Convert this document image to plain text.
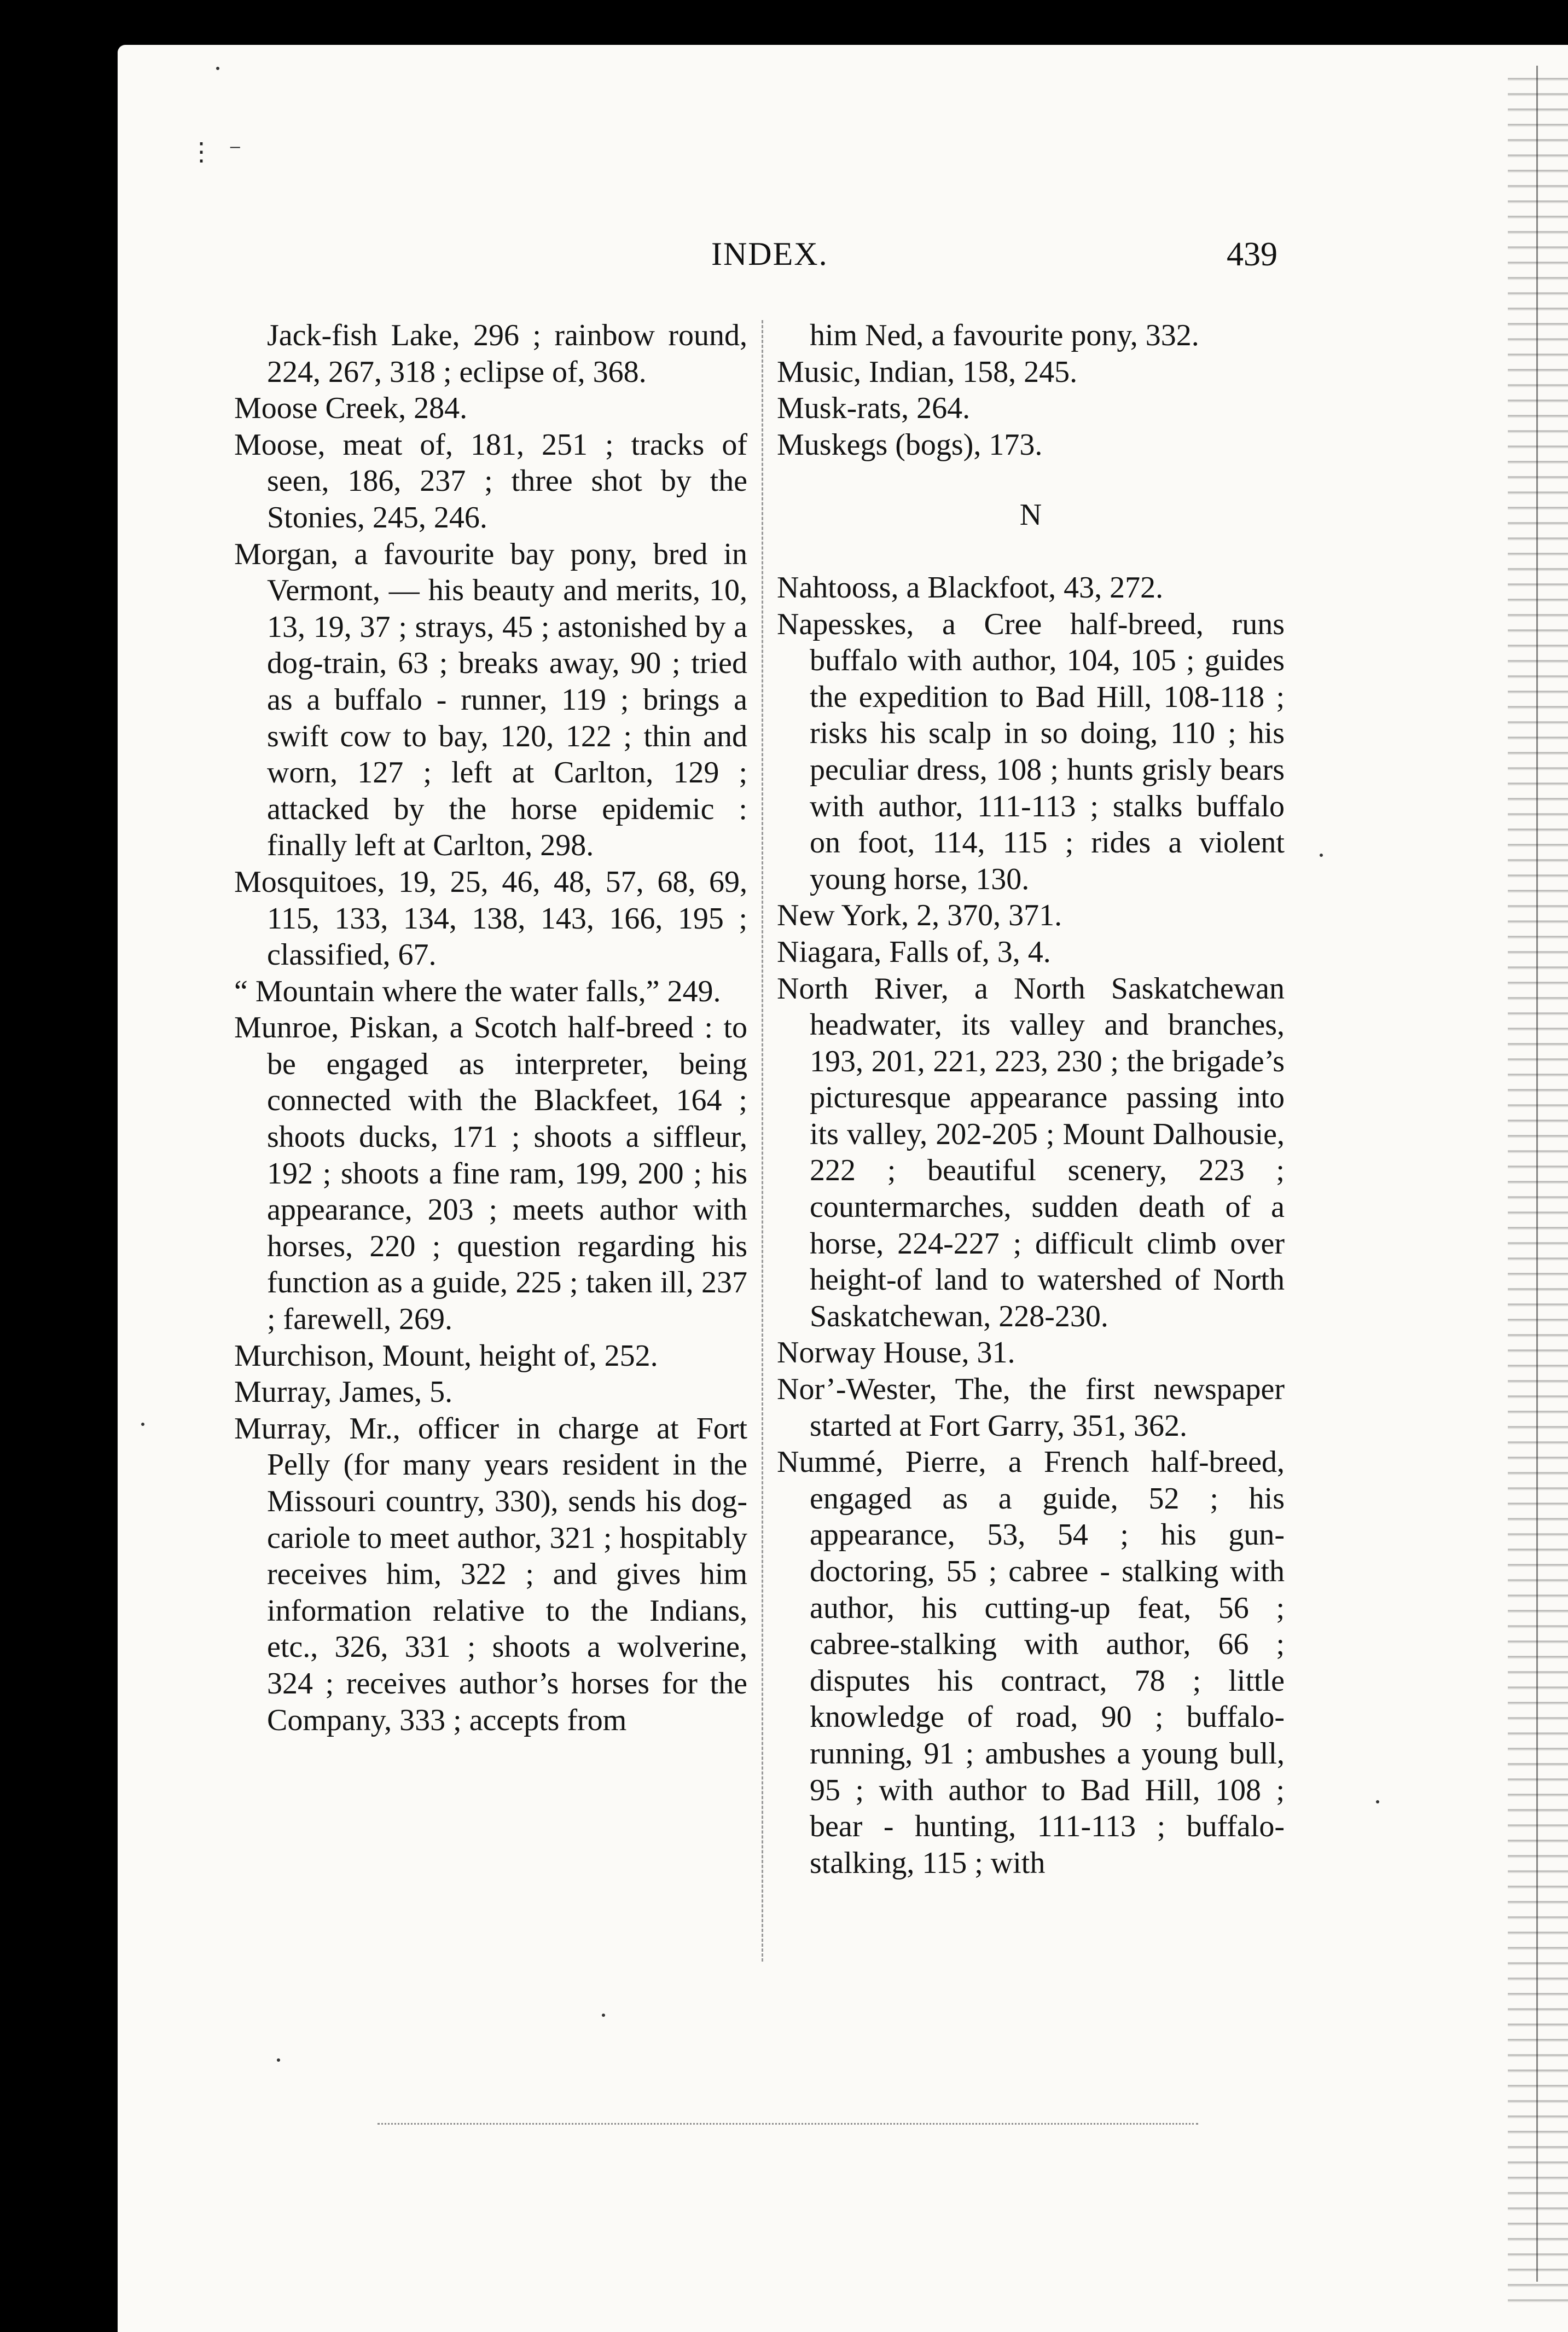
⋮ ⁻
INDEX.	439

Jack-fish Lake, 296 ; rainbow round, 224, 267, 318 ; eclipse of, 368.

Moose Creek, 284.

Moose, meat of, 181, 251 ; tracks of seen, 186, 237 ; three shot by the Stonies, 245, 246.

Morgan, a favourite bay pony, bred in Vermont, — his beauty and merits, 10, 13, 19, 37 ; strays, 45 ; astonished by a dog-train, 63 ; breaks away, 90 ; tried as a buffalo - runner, 119 ; brings a swift cow to bay, 120, 122 ; thin and worn, 127 ; left at Carlton, 129 ; attacked by the horse epidemic : finally left at Carlton, 298.

Mosquitoes, 19, 25, 46, 48, 57, 68, 69, 115, 133, 134, 138, 143, 166, 195 ; classified, 67.

“ Mountain where the water falls,” 249.

Munroe, Piskan, a Scotch half-breed : to be engaged as interpreter, being connected with the Blackfeet, 164 ; shoots ducks, 171 ; shoots a siffleur, 192 ; shoots a fine ram, 199, 200 ; his appearance, 203 ; meets author with horses, 220 ; question regarding his function as a guide, 225 ; taken ill, 237 ; farewell, 269.

Murchison, Mount, height of, 252.

Murray, James, 5.

Murray, Mr., officer in charge at Fort Pelly (for many years resident in the Missouri country, 330), sends his dog-cariole to meet author, 321 ; hospitably receives him, 322 ; and gives him information relative to the Indians, etc., 326, 331 ; shoots a wolverine, 324 ; receives author’s horses for the Company, 333 ; accepts from

him Ned, a favourite pony, 332.

Music, Indian, 158, 245.

Musk-rats, 264.

Muskegs (bogs), 173.

N

Nahtooss, a Blackfoot, 43, 272.

Napesskes, a Cree half-breed, runs buffalo with author, 104, 105 ; guides the expedition to Bad Hill, 108-118 ; risks his scalp in so doing, 110 ; his peculiar dress, 108 ; hunts grisly bears with author, 111-113 ; stalks buffalo on foot, 114, 115 ; rides a violent young horse, 130.

New York, 2, 370, 371.

Niagara, Falls of, 3, 4.

North River, a North Saskatchewan headwater, its valley and branches, 193, 201, 221, 223, 230 ; the brigade’s picturesque appearance passing into its valley, 202-205 ; Mount Dalhousie, 222 ; beautiful scenery, 223 ; countermarches, sudden death of a horse, 224-227 ; difficult climb over height-of land to watershed of North Saskatchewan, 228-230.

Norway House, 31.

Nor’-Wester, The, the first newspaper started at Fort Garry, 351, 362.

Nummé, Pierre, a French half-breed, engaged as a guide, 52 ; his appearance, 53, 54 ; his gun-doctoring, 55 ; cabree - stalking with author, his cutting-up feat, 56 ; cabree-stalking with author, 66 ; disputes his contract, 78 ; little knowledge of road, 90 ; buffalo-running, 91 ; ambushes a young bull, 95 ; with author to Bad Hill, 108 ; bear - hunting, 111-113 ; buffalo-stalking, 115 ; with
